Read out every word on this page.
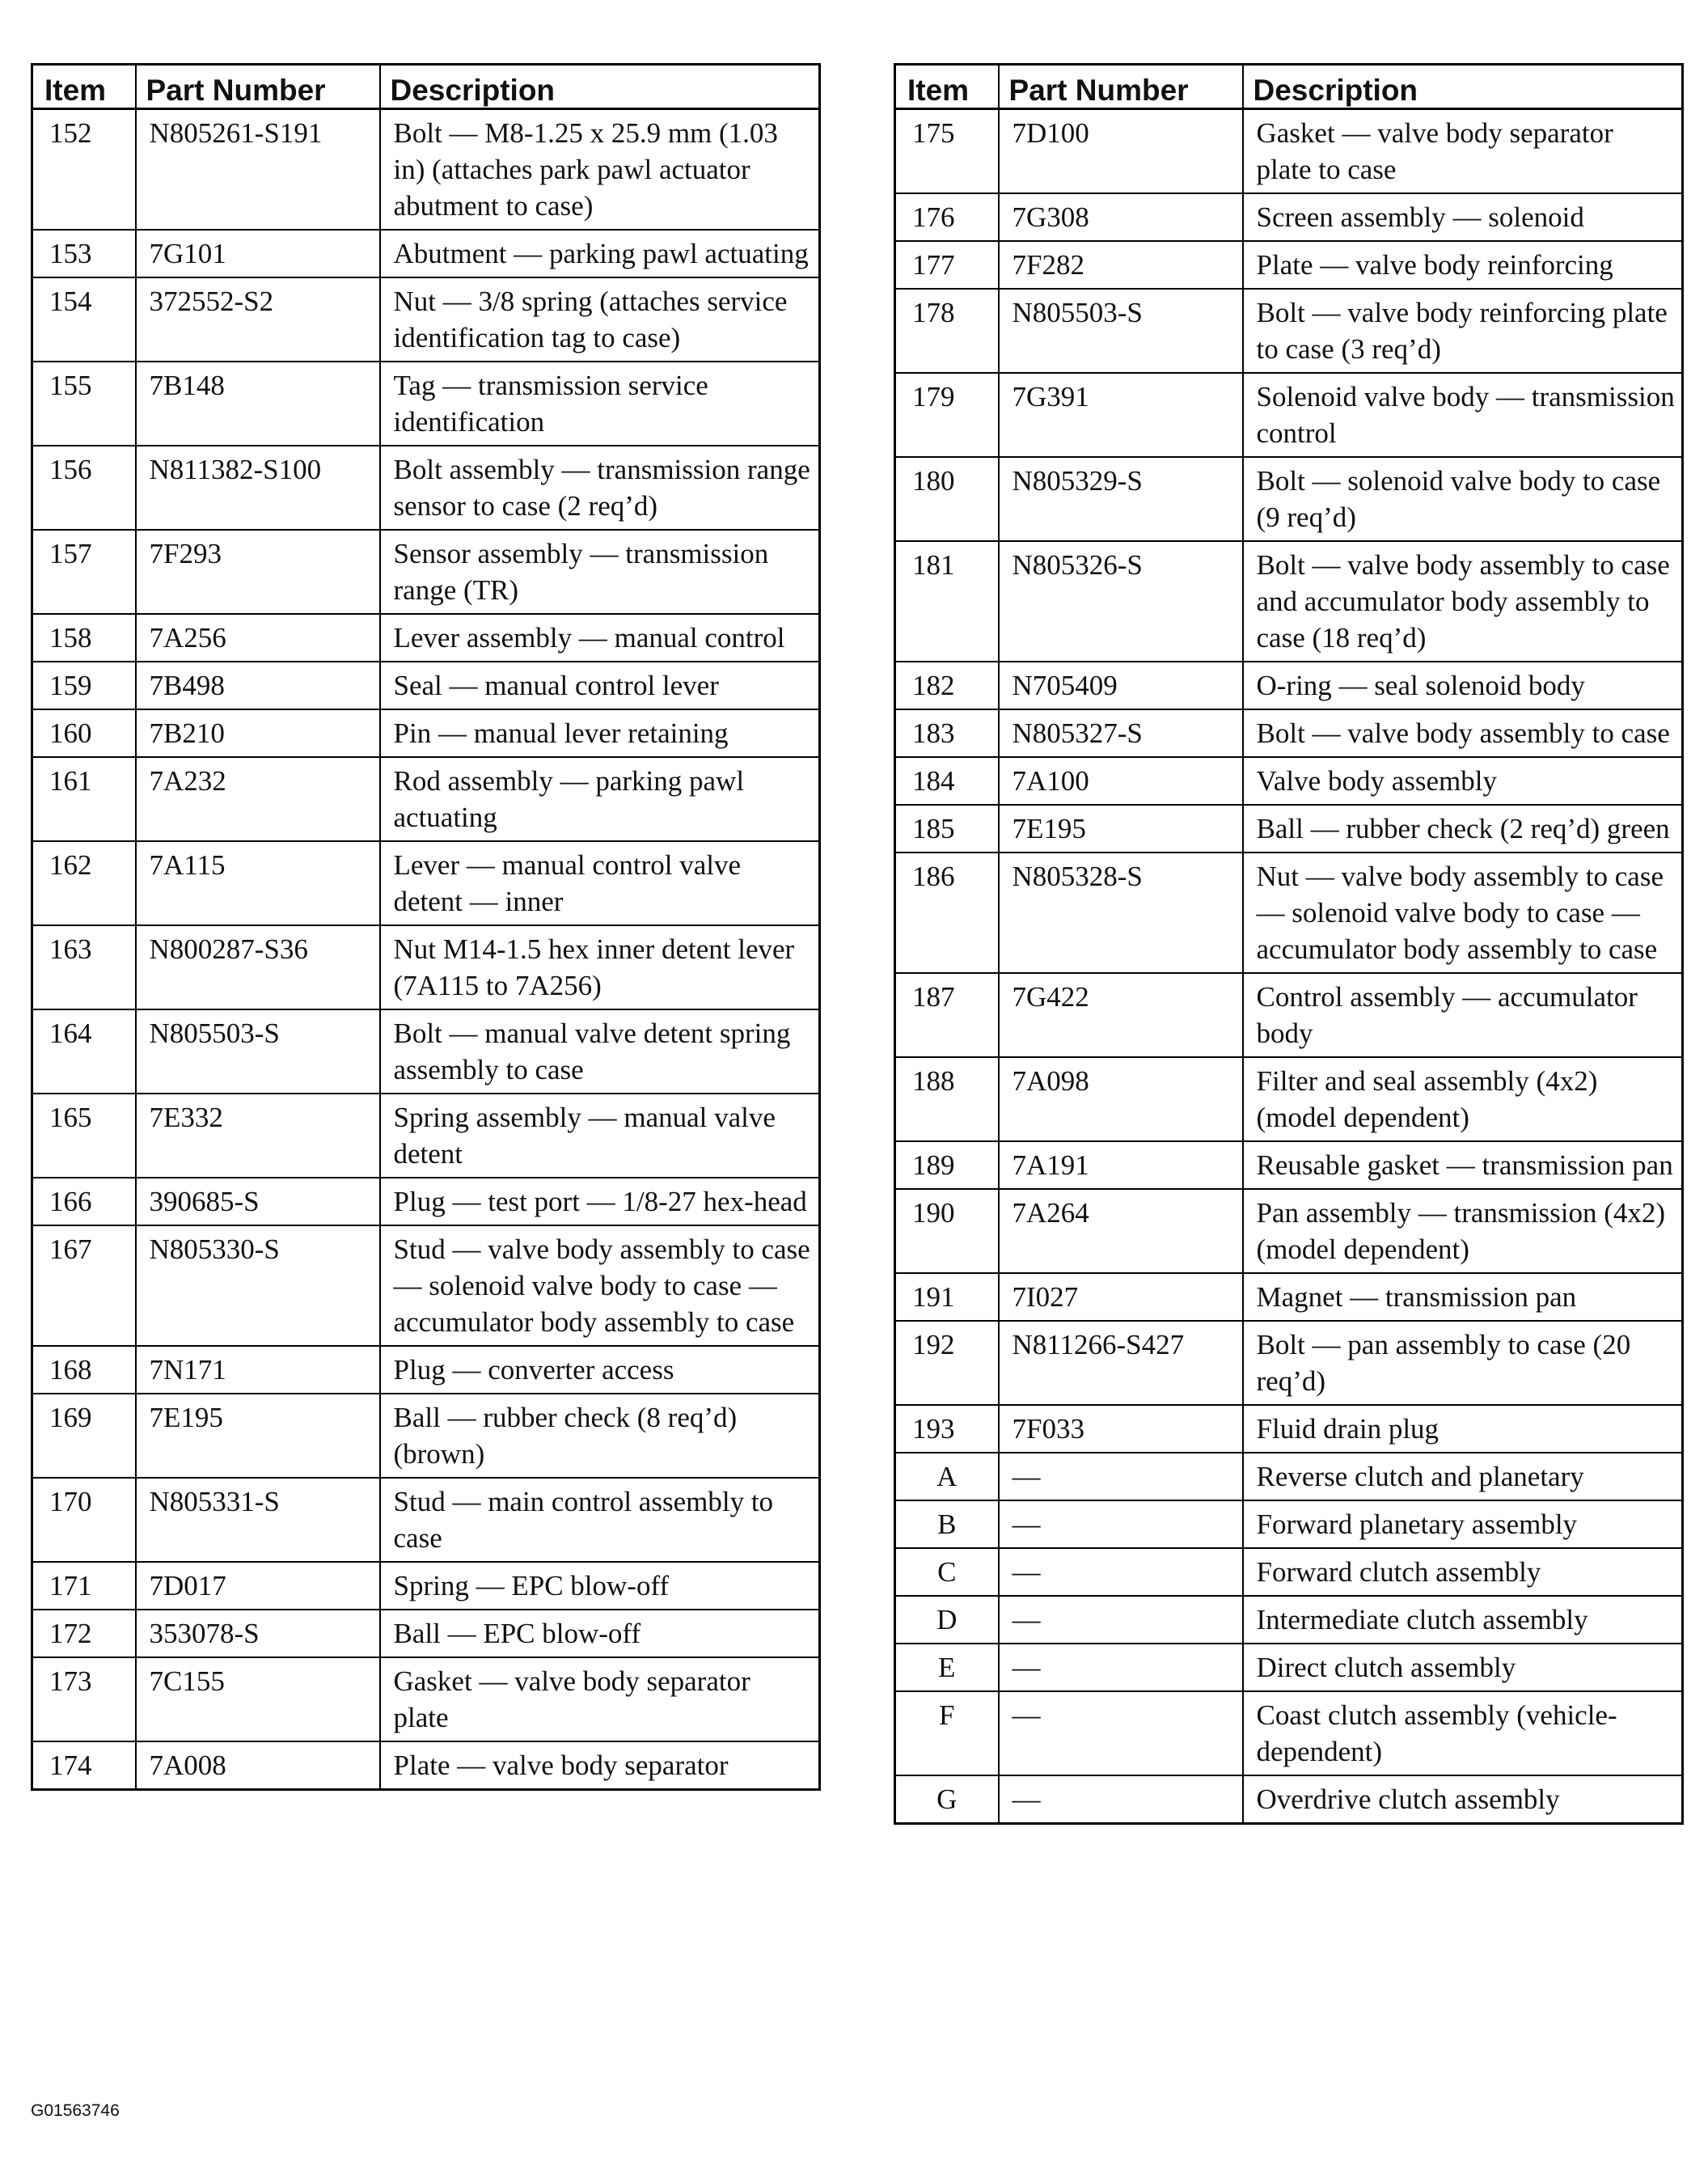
Item	Part Number	Description
152	N805261-S191	Bolt — M8-1.25 x 25.9 mm (1.03 in) (attaches park pawl actuator abutment to case)
153	7G101	Abutment — parking pawl actuating
154	372552-S2	Nut — 3/8 spring (attaches service identification tag to case)
155	7B148	Tag — transmission service identification
156	N811382-S100	Bolt assembly — transmission range sensor to case (2 req’d)
157	7F293	Sensor assembly — transmission range (TR)
158	7A256	Lever assembly — manual control
159	7B498	Seal — manual control lever
160	7B210	Pin — manual lever retaining
161	7A232	Rod assembly — parking pawl actuating
162	7A115	Lever — manual control valve detent — inner
163	N800287-S36	Nut M14-1.5 hex inner detent lever (7A115 to 7A256)
164	N805503-S	Bolt — manual valve detent spring assembly to case
165	7E332	Spring assembly — manual valve detent
166	390685-S	Plug — test port — 1/8-27 hex-head
167	N805330-S	Stud — valve body assembly to case — solenoid valve body to case — accumulator body assembly to case
168	7N171	Plug — converter access
169	7E195	Ball — rubber check (8 req’d) (brown)
170	N805331-S	Stud — main control assembly to case
171	7D017	Spring — EPC blow-off
172	353078-S	Ball — EPC blow-off
173	7C155	Gasket — valve body separator plate
174	7A008	Plate — valve body separator
Item	Part Number	Description
175	7D100	Gasket — valve body separator plate to case
176	7G308	Screen assembly — solenoid
177	7F282	Plate — valve body reinforcing
178	N805503-S	Bolt — valve body reinforcing plate to case (3 req’d)
179	7G391	Solenoid valve body — transmission control
180	N805329-S	Bolt — solenoid valve body to case (9 req’d)
181	N805326-S	Bolt — valve body assembly to case and accumulator body assembly to case (18 req’d)
182	N705409	O-ring — seal solenoid body
183	N805327-S	Bolt — valve body assembly to case
184	7A100	Valve body assembly
185	7E195	Ball — rubber check (2 req’d) green
186	N805328-S	Nut — valve body assembly to case — solenoid valve body to case — accumulator body assembly to case
187	7G422	Control assembly — accumulator body
188	7A098	Filter and seal assembly (4x2) (model dependent)
189	7A191	Reusable gasket — transmission pan
190	7A264	Pan assembly — transmission (4x2) (model dependent)
191	7I027	Magnet — transmission pan
192	N811266-S427	Bolt — pan assembly to case (20 req’d)
193	7F033	Fluid drain plug
A	—	Reverse clutch and planetary
B	—	Forward planetary assembly
C	—	Forward clutch assembly
D	—	Intermediate clutch assembly
E	—	Direct clutch assembly
F	—	Coast clutch assembly (vehicle-dependent)
G	—	Overdrive clutch assembly
G01563746
